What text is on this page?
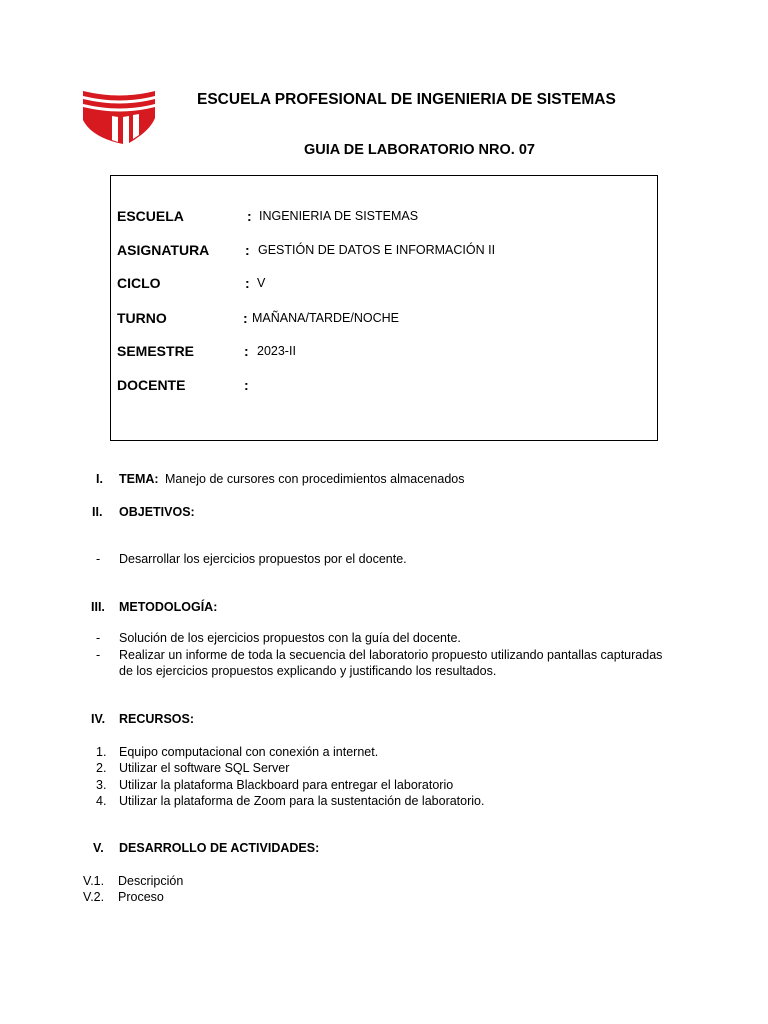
ESCUELA PROFESIONAL DE INGENIERIA DE SISTEMAS
GUIA DE LABORATORIO NRO. 07
ESCUELA	: INGENIERIA DE SISTEMAS
ASIGNATURA	: GESTIÓN DE DATOS E INFORMACIÓN II
CICLO	: V
TURNO	: MAÑANA/TARDE/NOCHE
SEMESTRE	: 2023-II
DOCENTE	:
I. TEMA: Manejo de cursores con procedimientos almacenados
II. OBJETIVOS:
- Desarrollar los ejercicios propuestos por el docente.
III. METODOLOGÍA:
- Solución de los ejercicios propuestos con la guía del docente.
- Realizar un informe de toda la secuencia del laboratorio propuesto utilizando pantallas capturadas
de los ejercicios propuestos explicando y justificando los resultados.
IV. RECURSOS:
1. Equipo computacional con conexión a internet.
2. Utilizar el software SQL Server
3. Utilizar la plataforma Blackboard para entregar el laboratorio
4. Utilizar la plataforma de Zoom para la sustentación de laboratorio.
V. DESARROLLO DE ACTIVIDADES:
V.1. Descripción
V.2. Proceso
